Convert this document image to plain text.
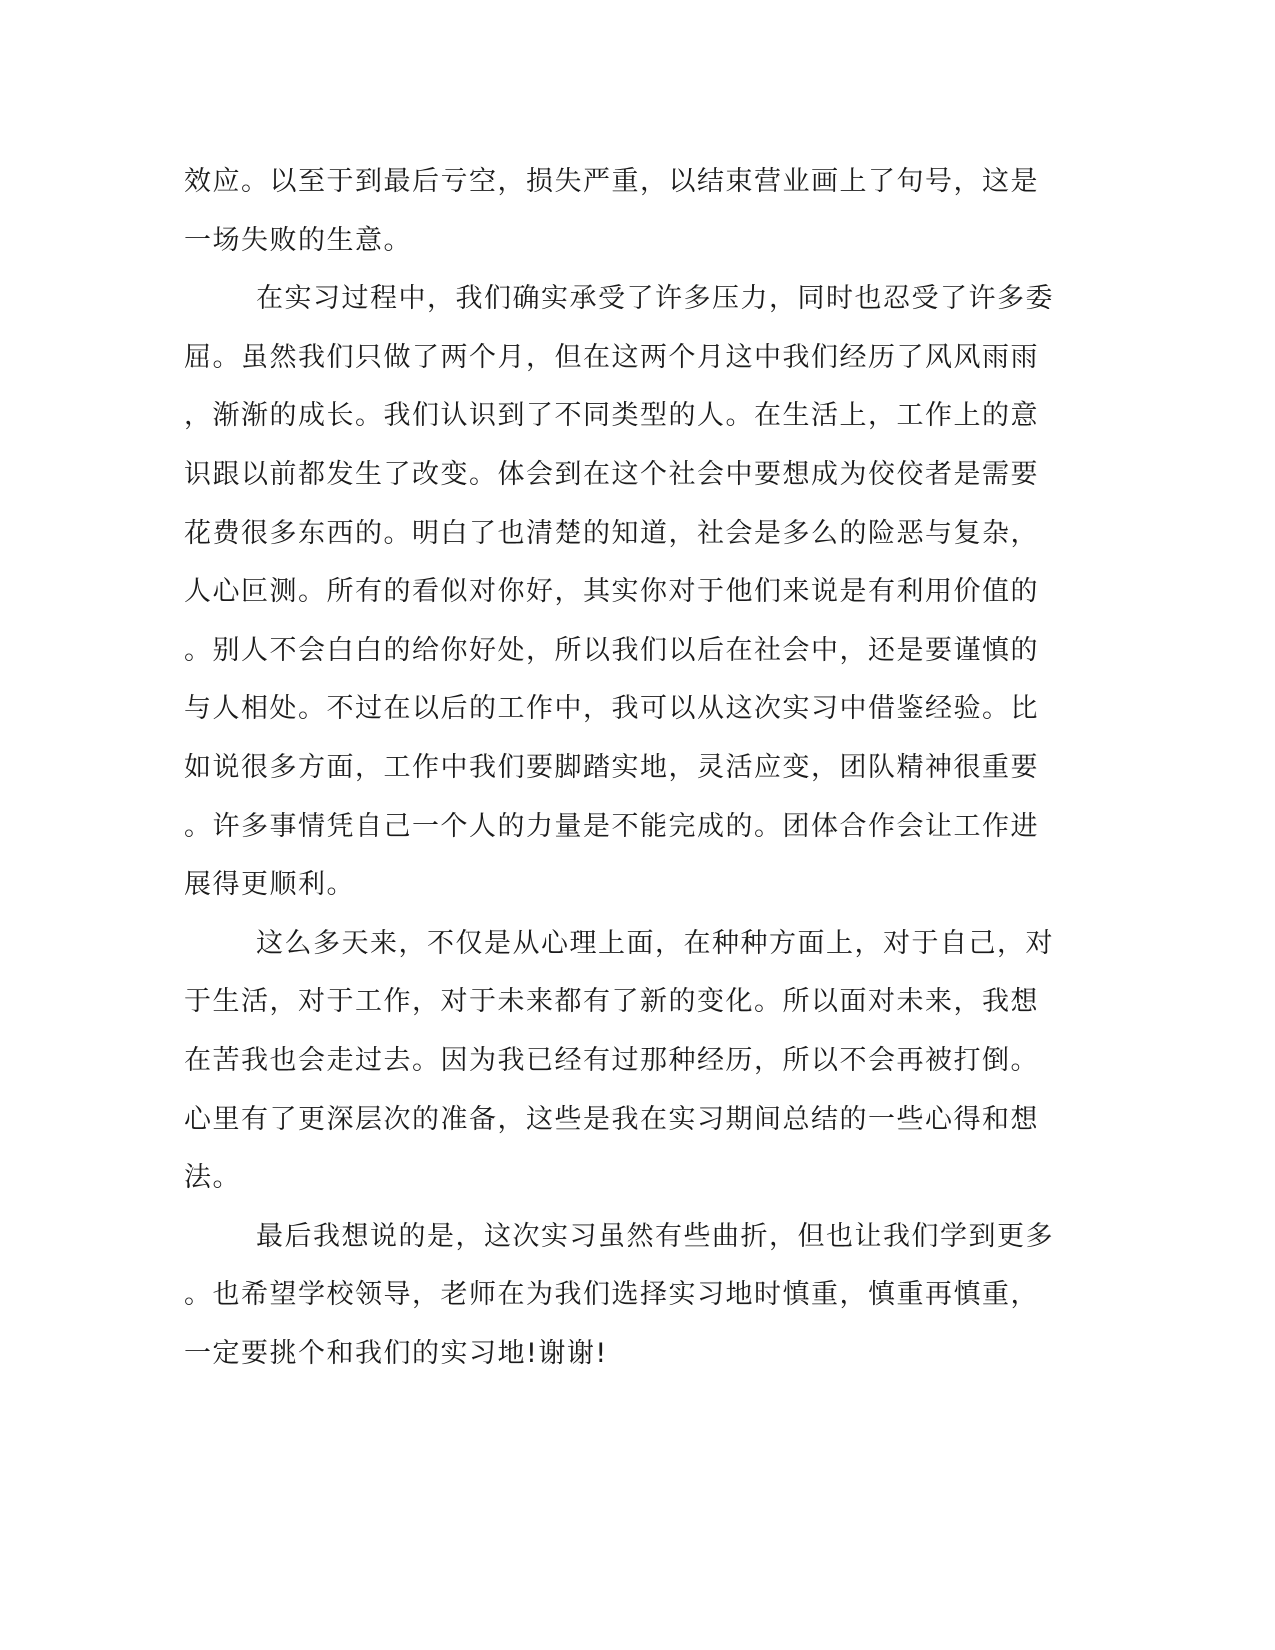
效应。以至于到最后亏空，损失严重，以结束营业画上了句号，这是
一场失败的生意。
在实习过程中，我们确实承受了许多压力，同时也忍受了许多委
屈。虽然我们只做了两个月，但在这两个月这中我们经历了风风雨雨
，渐渐的成长。我们认识到了不同类型的人。在生活上，工作上的意
识跟以前都发生了改变。体会到在这个社会中要想成为佼佼者是需要
花费很多东西的。明白了也清楚的知道，社会是多么的险恶与复杂，
人心叵测。所有的看似对你好，其实你对于他们来说是有利用价值的
。别人不会白白的给你好处，所以我们以后在社会中，还是要谨慎的
与人相处。不过在以后的工作中，我可以从这次实习中借鉴经验。比
如说很多方面，工作中我们要脚踏实地，灵活应变，团队精神很重要
。许多事情凭自己一个人的力量是不能完成的。团体合作会让工作进
展得更顺利。
这么多天来，不仅是从心理上面，在种种方面上，对于自己，对
于生活，对于工作，对于未来都有了新的变化。所以面对未来，我想
在苦我也会走过去。因为我已经有过那种经历，所以不会再被打倒。
心里有了更深层次的准备，这些是我在实习期间总结的一些心得和想
法。
最后我想说的是，这次实习虽然有些曲折，但也让我们学到更多
。也希望学校领导，老师在为我们选择实习地时慎重，慎重再慎重，
一定要挑个和我们的实习地!谢谢!
